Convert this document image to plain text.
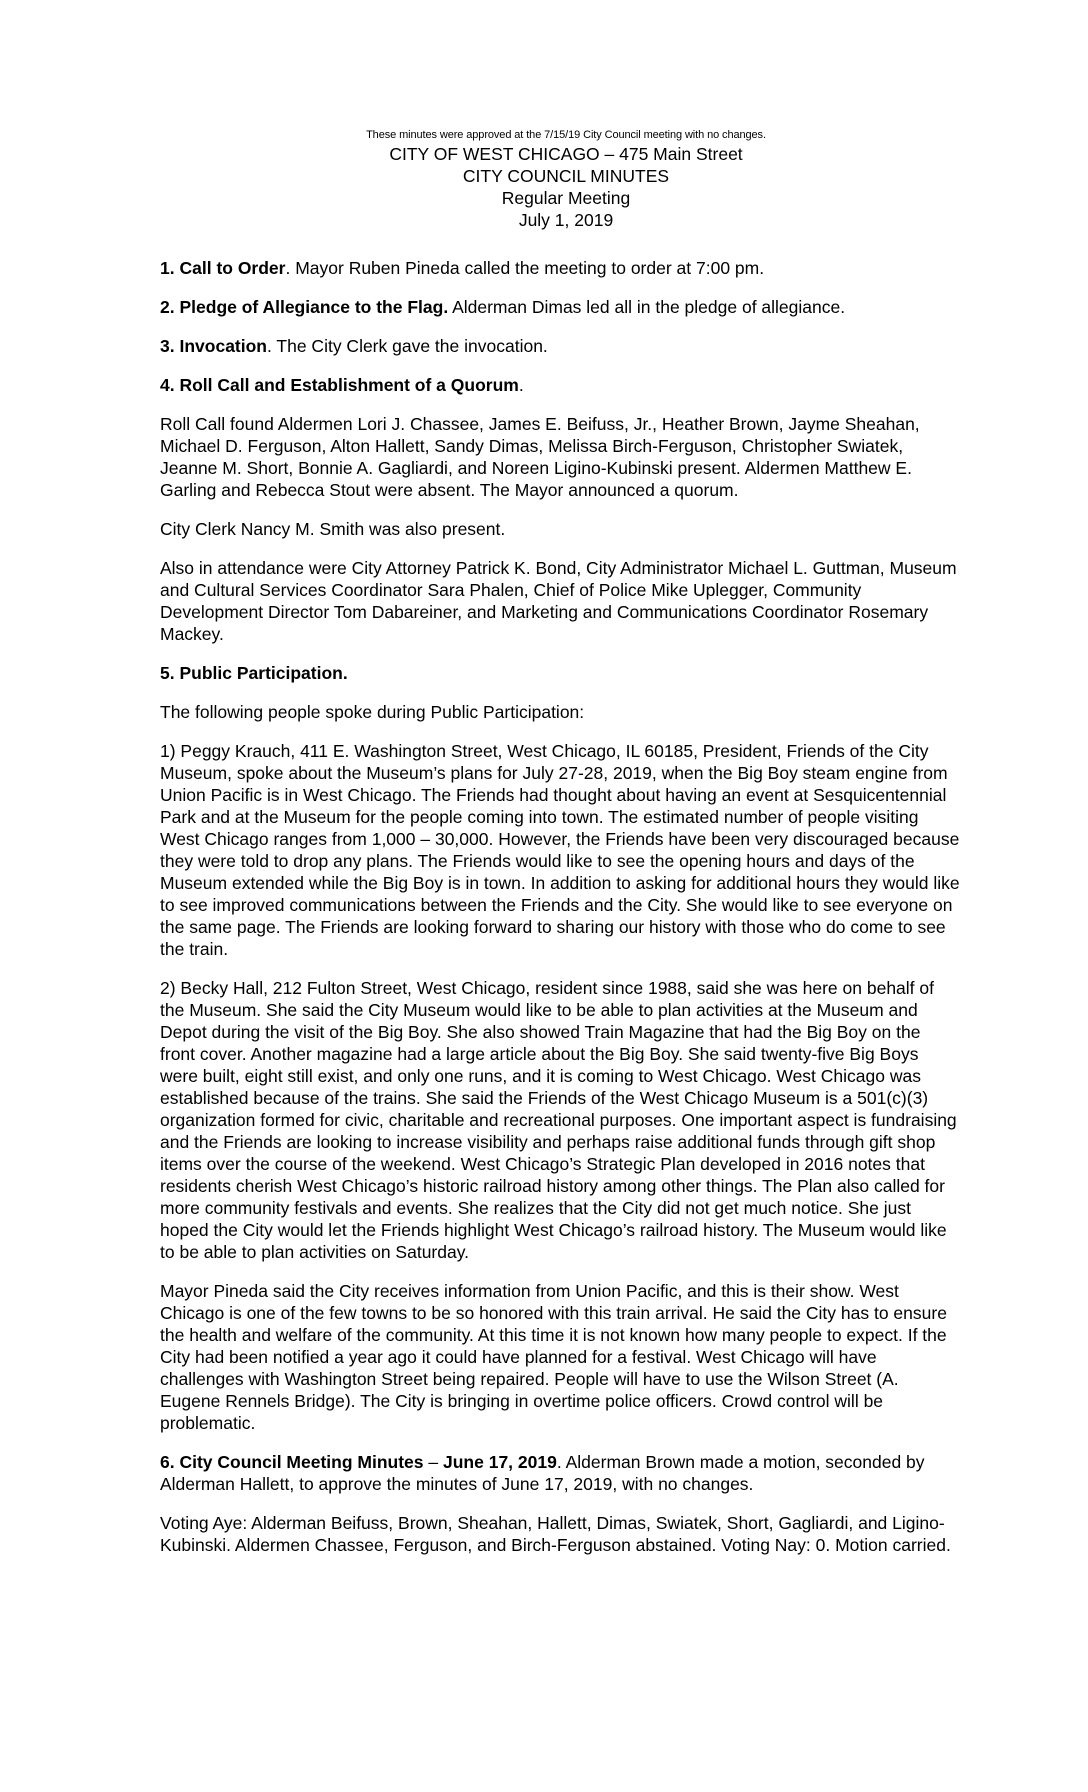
These minutes were approved at the 7/15/19 City Council meeting with no changes.
CITY OF WEST CHICAGO – 475 Main Street
CITY COUNCIL MINUTES
Regular Meeting
July 1, 2019

1. Call to Order. Mayor Ruben Pineda called the meeting to order at 7:00 pm.

2. Pledge of Allegiance to the Flag. Alderman Dimas led all in the pledge of allegiance.

3. Invocation. The City Clerk gave the invocation.

4. Roll Call and Establishment of a Quorum.

Roll Call found Aldermen Lori J. Chassee, James E. Beifuss, Jr., Heather Brown, Jayme Sheahan, Michael D. Ferguson, Alton Hallett, Sandy Dimas, Melissa Birch-Ferguson, Christopher Swiatek, Jeanne M. Short, Bonnie A. Gagliardi, and Noreen Ligino-Kubinski present. Aldermen Matthew E. Garling and Rebecca Stout were absent. The Mayor announced a quorum.

City Clerk Nancy M. Smith was also present.

Also in attendance were City Attorney Patrick K. Bond, City Administrator Michael L. Guttman, Museum and Cultural Services Coordinator Sara Phalen, Chief of Police Mike Uplegger, Community Development Director Tom Dabareiner, and Marketing and Communications Coordinator Rosemary Mackey.

5. Public Participation.

The following people spoke during Public Participation:

1) Peggy Krauch, 411 E. Washington Street, West Chicago, IL 60185, President, Friends of the City Museum, spoke about the Museum’s plans for July 27-28, 2019, when the Big Boy steam engine from Union Pacific is in West Chicago. The Friends had thought about having an event at Sesquicentennial Park and at the Museum for the people coming into town. The estimated number of people visiting West Chicago ranges from 1,000 – 30,000. However, the Friends have been very discouraged because they were told to drop any plans. The Friends would like to see the opening hours and days of the Museum extended while the Big Boy is in town. In addition to asking for additional hours they would like to see improved communications between the Friends and the City. She would like to see everyone on the same page. The Friends are looking forward to sharing our history with those who do come to see the train.

2) Becky Hall, 212 Fulton Street, West Chicago, resident since 1988, said she was here on behalf of the Museum. She said the City Museum would like to be able to plan activities at the Museum and Depot during the visit of the Big Boy. She also showed Train Magazine that had the Big Boy on the front cover. Another magazine had a large article about the Big Boy. She said twenty-five Big Boys were built, eight still exist, and only one runs, and it is coming to West Chicago. West Chicago was established because of the trains. She said the Friends of the West Chicago Museum is a 501(c)(3) organization formed for civic, charitable and recreational purposes. One important aspect is fundraising and the Friends are looking to increase visibility and perhaps raise additional funds through gift shop items over the course of the weekend. West Chicago’s Strategic Plan developed in 2016 notes that residents cherish West Chicago’s historic railroad history among other things. The Plan also called for more community festivals and events. She realizes that the City did not get much notice. She just hoped the City would let the Friends highlight West Chicago’s railroad history. The Museum would like to be able to plan activities on Saturday.

Mayor Pineda said the City receives information from Union Pacific, and this is their show. West Chicago is one of the few towns to be so honored with this train arrival. He said the City has to ensure the health and welfare of the community. At this time it is not known how many people to expect. If the City had been notified a year ago it could have planned for a festival. West Chicago will have challenges with Washington Street being repaired. People will have to use the Wilson Street (A. Eugene Rennels Bridge). The City is bringing in overtime police officers. Crowd control will be problematic.

6. City Council Meeting Minutes – June 17, 2019. Alderman Brown made a motion, seconded by Alderman Hallett, to approve the minutes of June 17, 2019, with no changes.

Voting Aye: Alderman Beifuss, Brown, Sheahan, Hallett, Dimas, Swiatek, Short, Gagliardi, and Ligino-Kubinski. Aldermen Chassee, Ferguson, and Birch-Ferguson abstained. Voting Nay: 0. Motion carried.
